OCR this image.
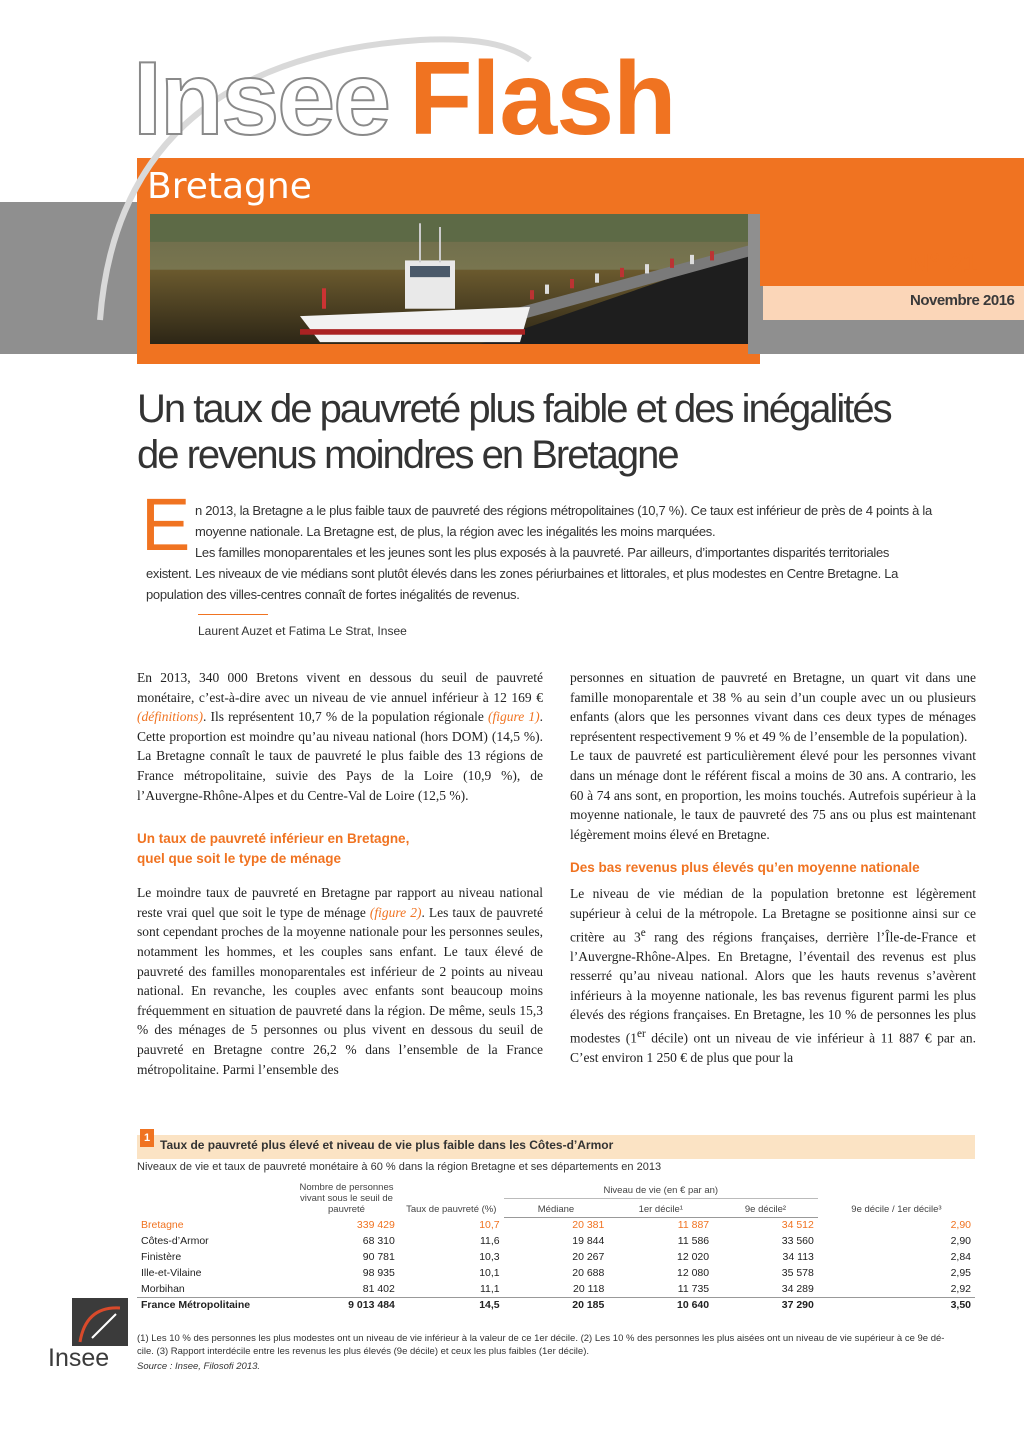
Insee Flash
Bretagne
N° 21
Novembre 2016
Un taux de pauvreté plus faible et des inégalités
de revenus moindres en Bretagne
E n 2013, la Bretagne a le plus faible taux de pauvreté des régions métropolitaines (10,7 %). Ce taux est inférieur de près de 4 points à la
moyenne nationale. La Bretagne est, de plus, la région avec les inégalités les moins marquées.
Les familles monoparentales et les jeunes sont les plus exposés à la pauvreté. Par ailleurs, d’importantes disparités territoriales
existent. Les niveaux de vie médians sont plutôt élevés dans les zones périurbaines et littorales, et plus modestes en Centre Bretagne. La
population des villes-centres connaît de fortes inégalités de revenus.
Laurent Auzet et Fatima Le Strat, Insee

En 2013, 340 000 Bretons vivent en dessous du seuil de pauvreté monétaire, c’est-à-dire avec un niveau de vie annuel inférieur à 12 169 € (définitions). Ils représentent 10,7 % de la population régionale (figure 1). Cette proportion est moindre qu’au niveau national (hors DOM) (14,5 %). La Bretagne connaît le taux de pauvreté le plus faible des 13 régions de France métropolitaine, suivie des Pays de la Loire (10,9 %), de l’Auvergne-Rhône-Alpes et du Centre-Val de Loire (12,5 %).

Un taux de pauvreté inférieur en Bretagne,
quel que soit le type de ménage

Le moindre taux de pauvreté en Bretagne par rapport au niveau national reste vrai quel que soit le type de ménage (figure 2). Les taux de pauvreté sont cependant proches de la moyenne nationale pour les personnes seules, notamment les hommes, et les couples sans enfant. Le taux élevé de pauvreté des familles monoparentales est inférieur de 2 points au niveau national. En revanche, les couples avec enfants sont beaucoup moins fréquemment en situation de pauvreté dans la région. De même, seuls 15,3 % des ménages de 5 personnes ou plus vivent en dessous du seuil de pauvreté en Bretagne contre 26,2 % dans l’ensemble de la France métropolitaine. Parmi l’ensemble des

personnes en situation de pauvreté en Bretagne, un quart vit dans une famille monoparentale et 38 % au sein d’un couple avec un ou plusieurs enfants (alors que les personnes vivant dans ces deux types de ménages représentent respectivement 9 % et 49 % de l’ensemble de la population).

Le taux de pauvreté est particulièrement élevé pour les personnes vivant dans un ménage dont le référent fiscal a moins de 30 ans. A contrario, les 60 à 74 ans sont, en proportion, les moins touchés. Autrefois supérieur à la moyenne nationale, le taux de pauvreté des 75 ans ou plus est maintenant légèrement moins élevé en Bretagne.

Des bas revenus plus élevés qu’en moyenne nationale

Le niveau de vie médian de la population bretonne est légèrement supérieur à celui de la métropole. La Bretagne se positionne ainsi sur ce critère au 3e rang des régions françaises, derrière l’Île-de-France et l’Auvergne-Rhône-Alpes. En Bretagne, l’éventail des revenus est plus resserré qu’au niveau national. Alors que les hauts revenus s’avèrent inférieurs à la moyenne nationale, les bas revenus figurent parmi les plus élevés des régions françaises. En Bretagne, les 10 % de personnes les plus modestes (1er décile) ont un niveau de vie inférieur à 11 887 € par an. C’est environ 1 250 € de plus que pour la

1 Taux de pauvreté plus élevé et niveau de vie plus faible dans les Côtes-d’Armor
Niveaux de vie et taux de pauvreté monétaire à 60 % dans la région Bretagne et ses départements en 2013
	Nombre de personnes vivant sous le seuil de pauvreté	Taux de pauvreté (%)	Niveau de vie (en € par an)			9e décile / 1er décile³
			Médiane	1er décile¹	9e décile²	
Bretagne	339 429	10,7	20 381	11 887	34 512	2,90
Côtes-d’Armor	68 310	11,6	19 844	11 586	33 560	2,90
Finistère	90 781	10,3	20 267	12 020	34 113	2,84
Ille-et-Vilaine	98 935	10,1	20 688	12 080	35 578	2,95
Morbihan	81 402	11,1	20 118	11 735	34 289	2,92
France Métropolitaine	9 013 484	14,5	20 185	10 640	37 290	3,50
(1) Les 10 % des personnes les plus modestes ont un niveau de vie inférieur à la valeur de ce 1er décile. (2) Les 10 % des personnes les plus aisées ont un niveau de vie supérieur à ce 9e dé-
cile. (3) Rapport interdécile entre les revenus les plus élevés (9e décile) et ceux les plus faibles (1er décile).
Source : Insee, Filosofi 2013.
Insee
